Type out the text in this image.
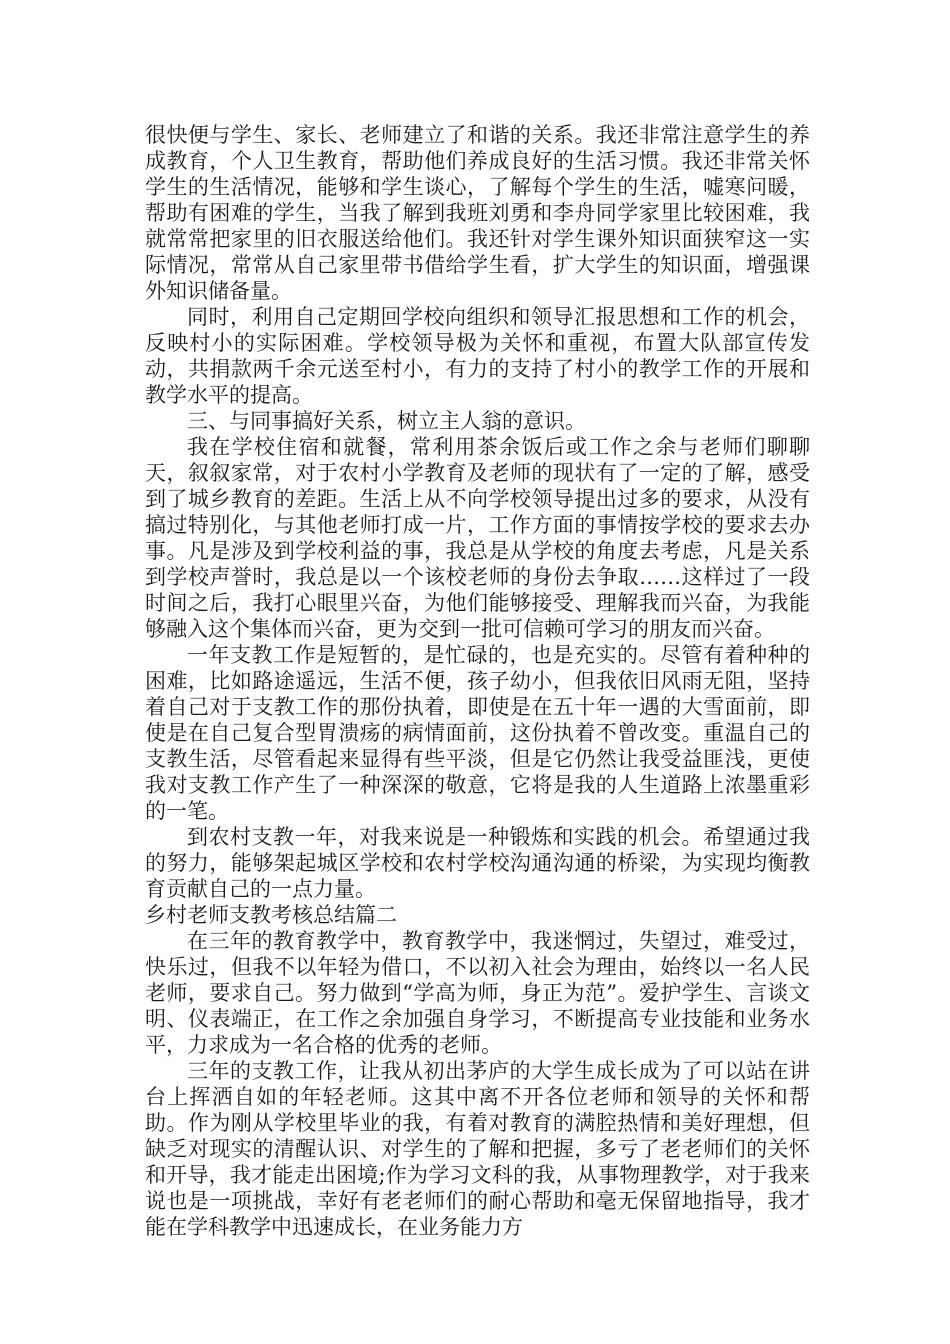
很快便与学生、家长、老师建立了和谐的关系。我还非常注意学生的养成教育，个人卫生教育，帮助他们养成良好的生活习惯。我还非常关怀学生的生活情况，能够和学生谈心，了解每个学生的生活，嘘寒问暖，帮助有困难的学生，当我了解到我班刘勇和李舟同学家里比较困难，我就常常把家里的旧衣服送给他们。我还针对学生课外知识面狭窄这一实际情况，常常从自己家里带书借给学生看，扩大学生的知识面，增强课外知识储备量。

同时，利用自己定期回学校向组织和领导汇报思想和工作的机会，反映村小的实际困难。学校领导极为关怀和重视，布置大队部宣传发动，共捐款两千余元送至村小，有力的支持了村小的教学工作的开展和教学水平的提高。

三、与同事搞好关系，树立主人翁的意识。

我在学校住宿和就餐，常利用茶余饭后或工作之余与老师们聊聊天，叙叙家常，对于农村小学教育及老师的现状有了一定的了解，感受到了城乡教育的差距。生活上从不向学校领导提出过多的要求，从没有搞过特别化，与其他老师打成一片，工作方面的事情按学校的要求去办事。凡是涉及到学校利益的事，我总是从学校的角度去考虑，凡是关系到学校声誉时，我总是以一个该校老师的身份去争取……这样过了一段时间之后，我打心眼里兴奋，为他们能够接受、理解我而兴奋，为我能够融入这个集体而兴奋，更为交到一批可信赖可学习的朋友而兴奋。

一年支教工作是短暂的，是忙碌的，也是充实的。尽管有着种种的困难，比如路途遥远，生活不便，孩子幼小，但我依旧风雨无阻，坚持着自己对于支教工作的那份执着，即使是在五十年一遇的大雪面前，即使是在自己复合型胃溃疡的病情面前，这份执着不曾改变。重温自己的支教生活，尽管看起来显得有些平淡，但是它仍然让我受益匪浅，更使我对支教工作产生了一种深深的敬意，它将是我的人生道路上浓墨重彩的一笔。

到农村支教一年，对我来说是一种锻炼和实践的机会。希望通过我的努力，能够架起城区学校和农村学校沟通沟通的桥梁，为实现均衡教育贡献自己的一点力量。

乡村老师支教考核总结篇二

在三年的教育教学中，教育教学中，我迷惘过，失望过，难受过，快乐过，但我不以年轻为借口，不以初入社会为理由，始终以一名人民老师，要求自己。努力做到“学高为师，身正为范”。爱护学生、言谈文明、仪表端正，在工作之余加强自身学习，不断提高专业技能和业务水平，力求成为一名合格的优秀的老师。

三年的支教工作，让我从初出茅庐的大学生成长成为了可以站在讲台上挥洒自如的年轻老师。这其中离不开各位老师和领导的关怀和帮助。作为刚从学校里毕业的我，有着对教育的满腔热情和美好理想，但缺乏对现实的清醒认识、对学生的了解和把握，多亏了老老师们的关怀和开导，我才能走出困境;作为学习文科的我，从事物理教学，对于我来说也是一项挑战，幸好有老老师们的耐心帮助和毫无保留地指导，我才能在学科教学中迅速成长，在业务能力方
